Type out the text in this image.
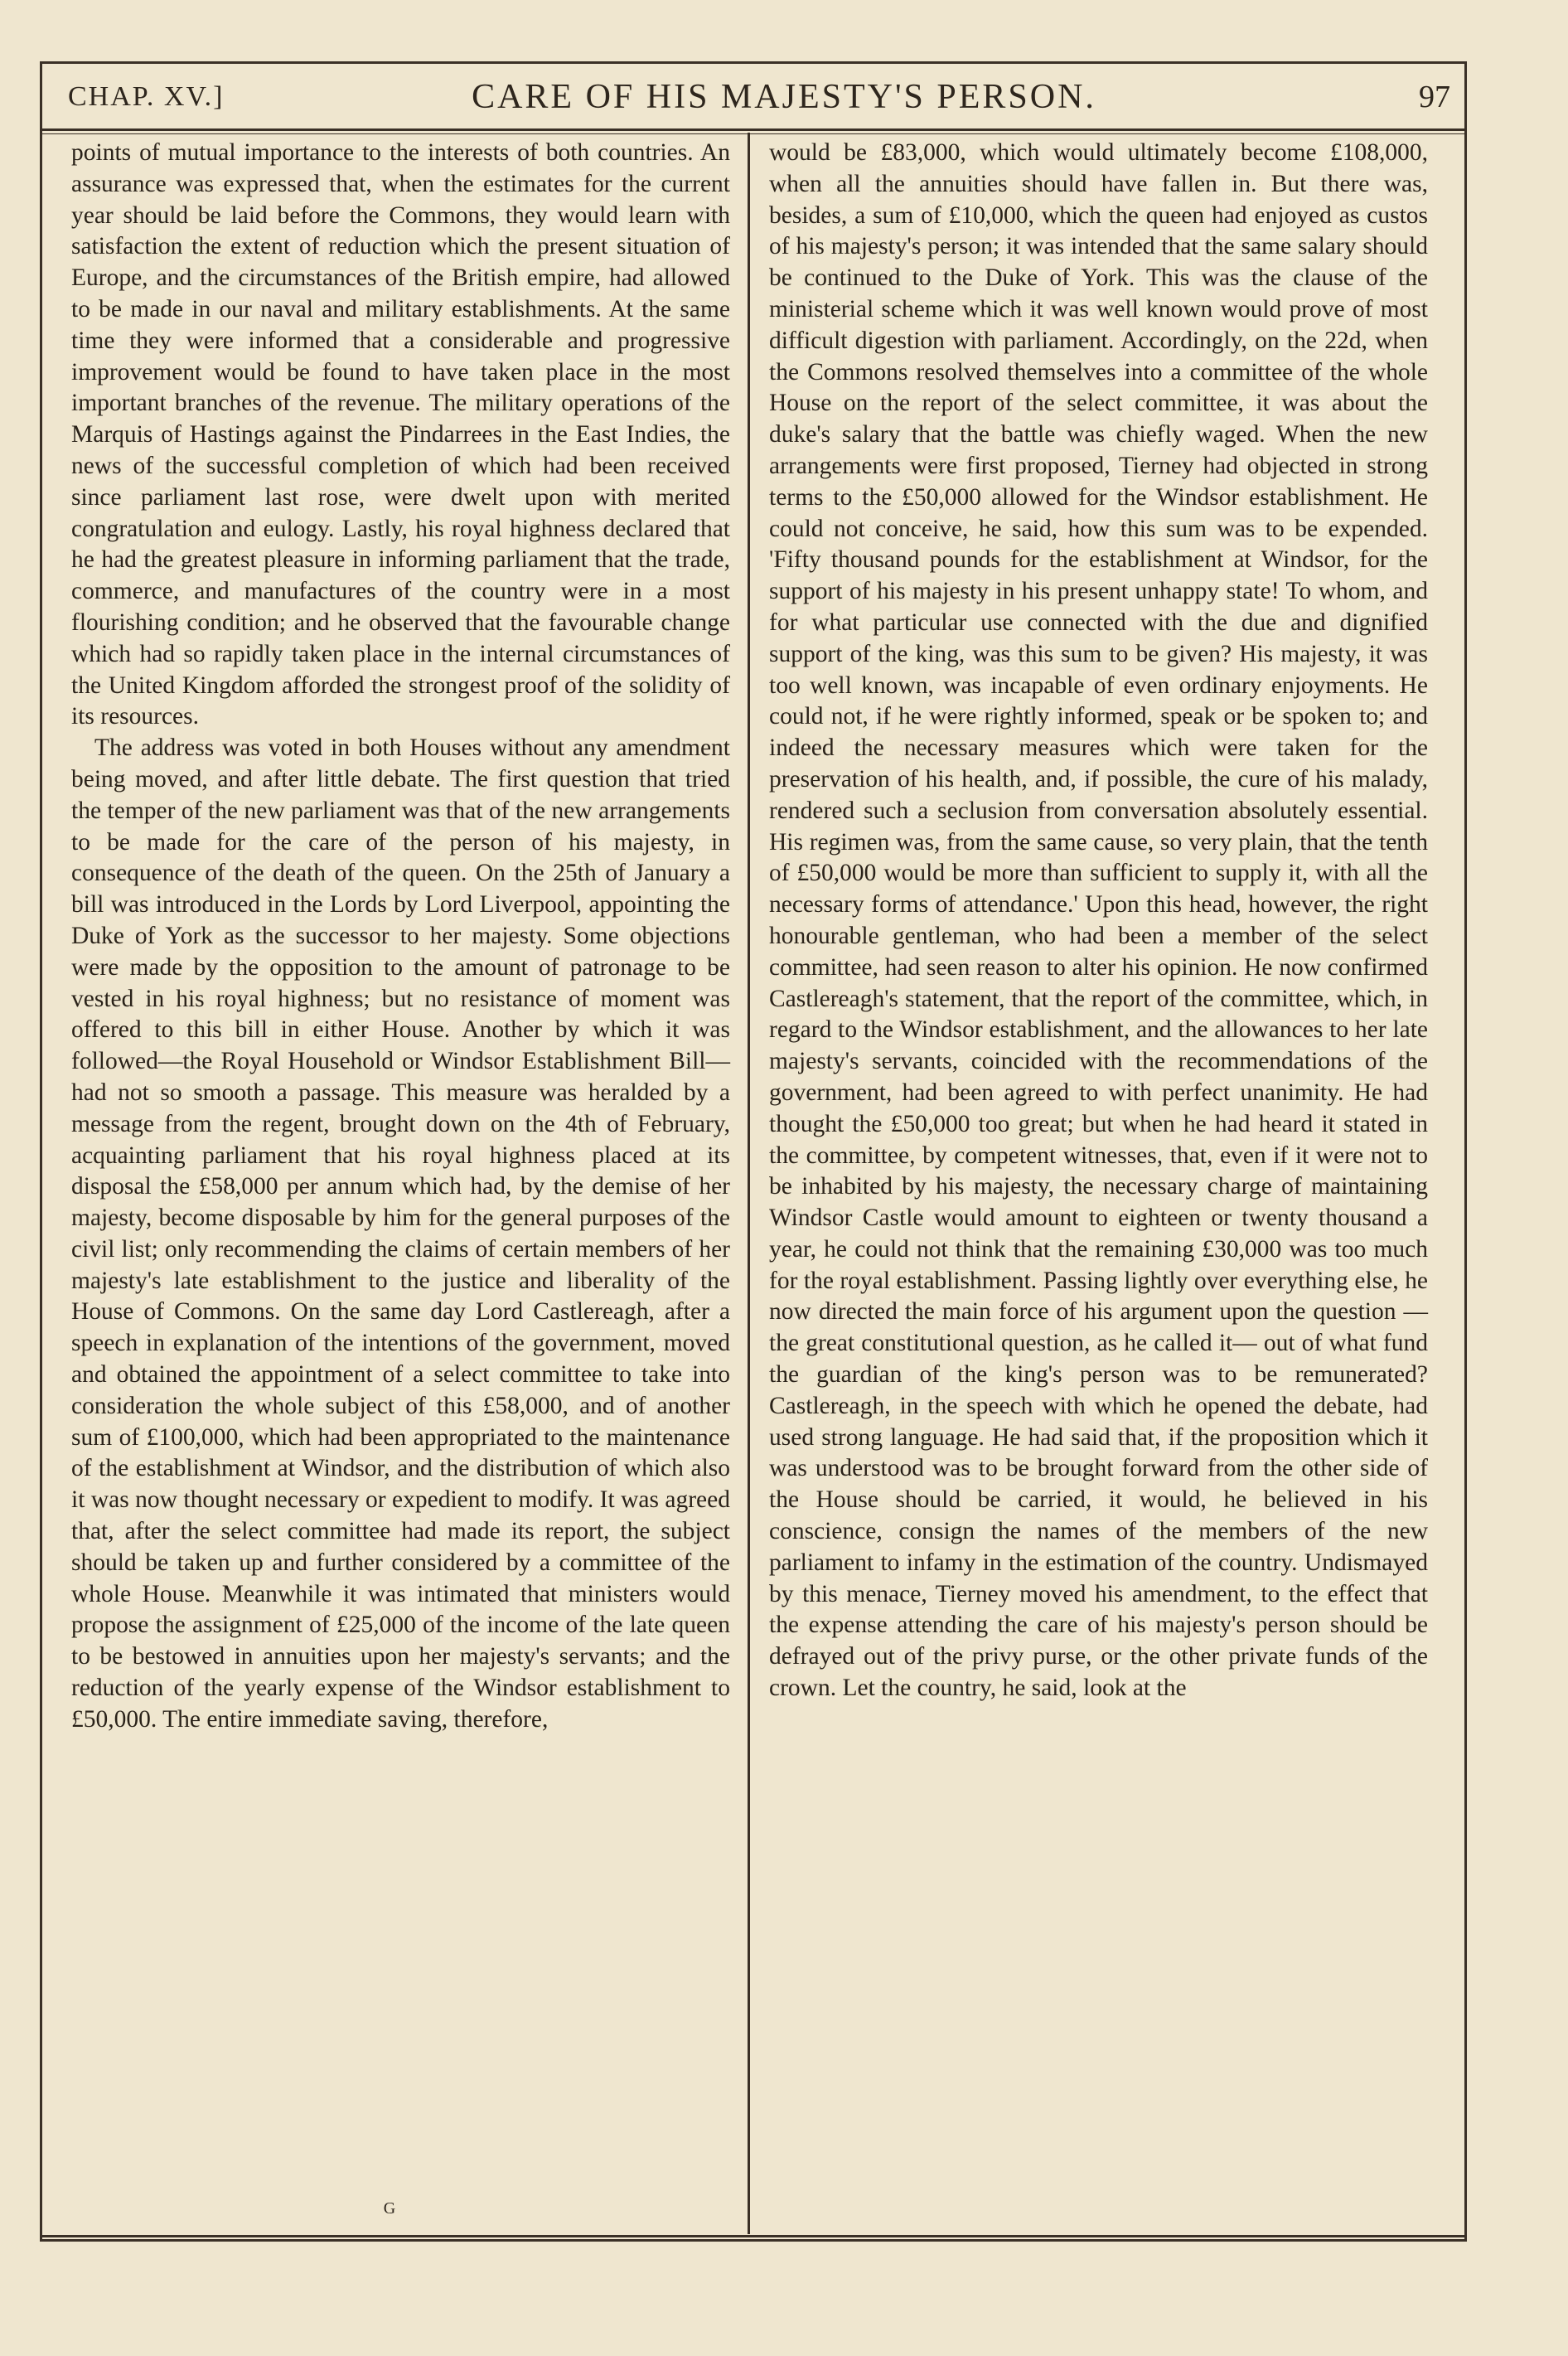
CHAP. XV.]	CARE OF HIS MAJESTY'S PERSON.	97

points of mutual importance to the interests of both countries. An assurance was expressed that, when the estimates for the current year should be laid before the Commons, they would learn with satisfaction the extent of reduction which the present situation of Europe, and the circumstances of the British empire, had allowed to be made in our naval and military establishments. At the same time they were informed that a considerable and progressive improvement would be found to have taken place in the most important branches of the revenue. The military operations of the Marquis of Hastings against the Pindarrees in the East Indies, the news of the successful completion of which had been received since parliament last rose, were dwelt upon with merited congratulation and eulogy. Lastly, his royal highness declared that he had the greatest pleasure in informing parliament that the trade, commerce, and manufactures of the country were in a most flourishing condition; and he observed that the favourable change which had so rapidly taken place in the internal circumstances of the United Kingdom afforded the strongest proof of the solidity of its resources.

The address was voted in both Houses without any amendment being moved, and after little debate. The first question that tried the temper of the new parliament was that of the new arrangements to be made for the care of the person of his majesty, in consequence of the death of the queen. On the 25th of January a bill was introduced in the Lords by Lord Liverpool, appointing the Duke of York as the successor to her majesty. Some objections were made by the opposition to the amount of patronage to be vested in his royal highness; but no resistance of moment was offered to this bill in either House. Another by which it was followed—the Royal Household or Windsor Establishment Bill—had not so smooth a passage. This measure was heralded by a message from the regent, brought down on the 4th of February, acquainting parliament that his royal highness placed at its disposal the £58,000 per annum which had, by the demise of her majesty, become disposable by him for the general purposes of the civil list; only recommending the claims of certain members of her majesty's late establishment to the justice and liberality of the House of Commons. On the same day Lord Castlereagh, after a speech in explanation of the intentions of the government, moved and obtained the appointment of a select committee to take into consideration the whole subject of this £58,000, and of another sum of £100,000, which had been appropriated to the maintenance of the establishment at Windsor, and the distribution of which also it was now thought necessary or expedient to modify. It was agreed that, after the select committee had made its report, the subject should be taken up and further considered by a committee of the whole House. Meanwhile it was intimated that ministers would propose the assignment of £25,000 of the income of the late queen to be bestowed in annuities upon her majesty's servants; and the reduction of the yearly expense of the Windsor establishment to £50,000. The entire immediate saving, therefore,

would be £83,000, which would ultimately become £108,000, when all the annuities should have fallen in. But there was, besides, a sum of £10,000, which the queen had enjoyed as custos of his majesty's person; it was intended that the same salary should be continued to the Duke of York. This was the clause of the ministerial scheme which it was well known would prove of most difficult digestion with parliament. Accordingly, on the 22d, when the Commons resolved themselves into a committee of the whole House on the report of the select committee, it was about the duke's salary that the battle was chiefly waged. When the new arrangements were first proposed, Tierney had objected in strong terms to the £50,000 allowed for the Windsor establishment. He could not conceive, he said, how this sum was to be expended. 'Fifty thousand pounds for the establishment at Windsor, for the support of his majesty in his present unhappy state! To whom, and for what particular use connected with the due and dignified support of the king, was this sum to be given? His majesty, it was too well known, was incapable of even ordinary enjoyments. He could not, if he were rightly informed, speak or be spoken to; and indeed the necessary measures which were taken for the preservation of his health, and, if possible, the cure of his malady, rendered such a seclusion from conversation absolutely essential. His regimen was, from the same cause, so very plain, that the tenth of £50,000 would be more than sufficient to supply it, with all the necessary forms of attendance.' Upon this head, however, the right honourable gentleman, who had been a member of the select committee, had seen reason to alter his opinion. He now confirmed Castlereagh's statement, that the report of the committee, which, in regard to the Windsor establishment, and the allowances to her late majesty's servants, coincided with the recommendations of the government, had been agreed to with perfect unanimity. He had thought the £50,000 too great; but when he had heard it stated in the committee, by competent witnesses, that, even if it were not to be inhabited by his majesty, the necessary charge of maintaining Windsor Castle would amount to eighteen or twenty thousand a year, he could not think that the remaining £30,000 was too much for the royal establishment. Passing lightly over everything else, he now directed the main force of his argument upon the question —the great constitutional question, as he called it— out of what fund the guardian of the king's person was to be remunerated? Castlereagh, in the speech with which he opened the debate, had used strong language. He had said that, if the proposition which it was understood was to be brought forward from the other side of the House should be carried, it would, he believed in his conscience, consign the names of the members of the new parliament to infamy in the estimation of the country. Undismayed by this menace, Tierney moved his amendment, to the effect that the expense attending the care of his majesty's person should be defrayed out of the privy purse, or the other private funds of the crown. Let the country, he said, look at the

G
